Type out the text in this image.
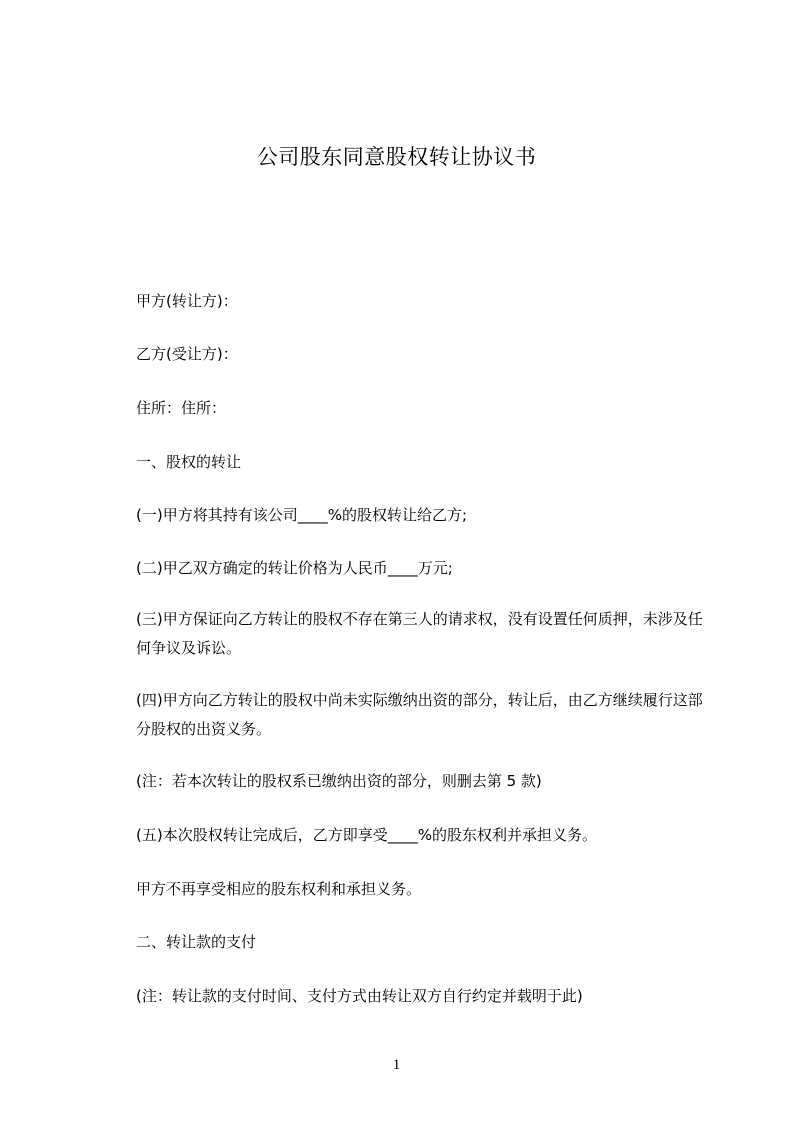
公司股东同意股权转让协议书
甲方(转让方)：
乙方(受让方)：
住所：住所：
一、股权的转让
(一)甲方将其持有该公司____%的股权转让给乙方;
(二)甲乙双方确定的转让价格为人民币____万元;
(三)甲方保证向乙方转让的股权不存在第三人的请求权，没有设置任何质押，未涉及任何争议及诉讼。
(四)甲方向乙方转让的股权中尚未实际缴纳出资的部分，转让后，由乙方继续履行这部分股权的出资义务。
(注：若本次转让的股权系已缴纳出资的部分，则删去第 5 款)
(五)本次股权转让完成后，乙方即享受____%的股东权利并承担义务。
甲方不再享受相应的股东权利和承担义务。
二、转让款的支付
(注：转让款的支付时间、支付方式由转让双方自行约定并载明于此)
1
